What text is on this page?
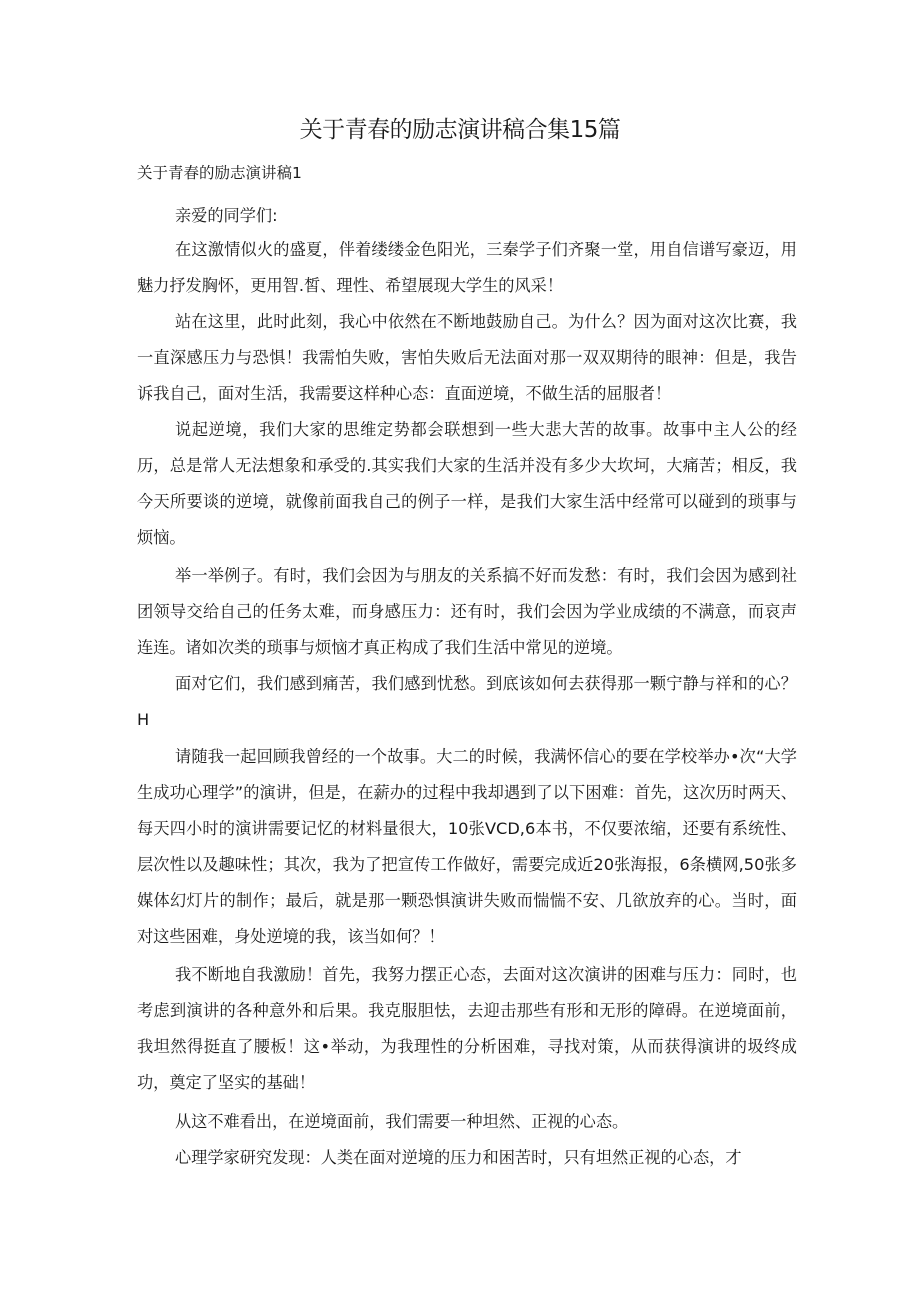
关于青春的励志演讲稿合集15篇

关于青春的励志演讲稿1

亲爱的同学们:

在这激情似火的盛夏，伴着缕缕金色阳光，三秦学子们齐聚一堂，用自信谱写豪迈，用魅力抒发胸怀，更用智.皙、理性、希望展现大学生的风采！

站在这里，此时此刻，我心中依然在不断地鼓励自己。为什么？因为面对这次比赛，我一直深感压力与恐惧！我需怕失败，害怕失败后无法面对那一双双期待的眼神：但是，我告诉我自己，面对生活，我需要这样种心态：直面逆境，不做生活的屈服者！

说起逆境，我们大家的思维定势都会联想到一些大悲大苦的故事。故事中主人公的经历，总是常人无法想象和承受的.其实我们大家的生活并没有多少大坎坷，大痛苦；相反，我今天所要谈的逆境，就像前面我自己的例子一样，是我们大家生活中经常可以碰到的琐事与烦恼。

举一举例子。有时，我们会因为与朋友的关系搞不好而发愁：有时，我们会因为感到社团领导交给自己的任务太难，而身感压力：还有时，我们会因为学业成绩的不满意，而哀声连连。诸如次类的琐事与烦恼才真正构成了我们生活中常见的逆境。

面对它们，我们感到痛苦，我们感到忧愁。到底该如何去获得那一颗宁静与祥和的心？H

请随我一起回顾我曾经的一个故事。大二的时候，我满怀信心的要在学校举办•次“大学生成功心理学”的演讲，但是，在薪办的过程中我却遇到了以下困难：首先，这次历时两天、每天四小时的演讲需要记忆的材料量很大，10张VCD,6本书，不仅要浓缩，还要有系统性、层次性以及趣味性；其次，我为了把宣传工作做好，需要完成近20张海报，6条横网,50张多媒体幻灯片的制作；最后，就是那一颗恐惧演讲失败而惴惴不安、几欲放弃的心。当时，面对这些困难，身处逆境的我，该当如何？！

我不断地自我激励！首先，我努力摆正心态，去面对这次演讲的困难与压力：同时，也考虑到演讲的各种意外和后果。我克服胆怯，去迎击那些有形和无形的障碍。在逆境面前，我坦然得挺直了腰板！这•举动，为我理性的分析困难，寻找对策，从而获得演讲的圾终成功，奠定了坚实的基础！

从这不难看出，在逆境面前，我们需要一种坦然、正视的心态。

心理学家研究发现：人类在面对逆境的压力和困苦时，只有坦然正视的心态，才
